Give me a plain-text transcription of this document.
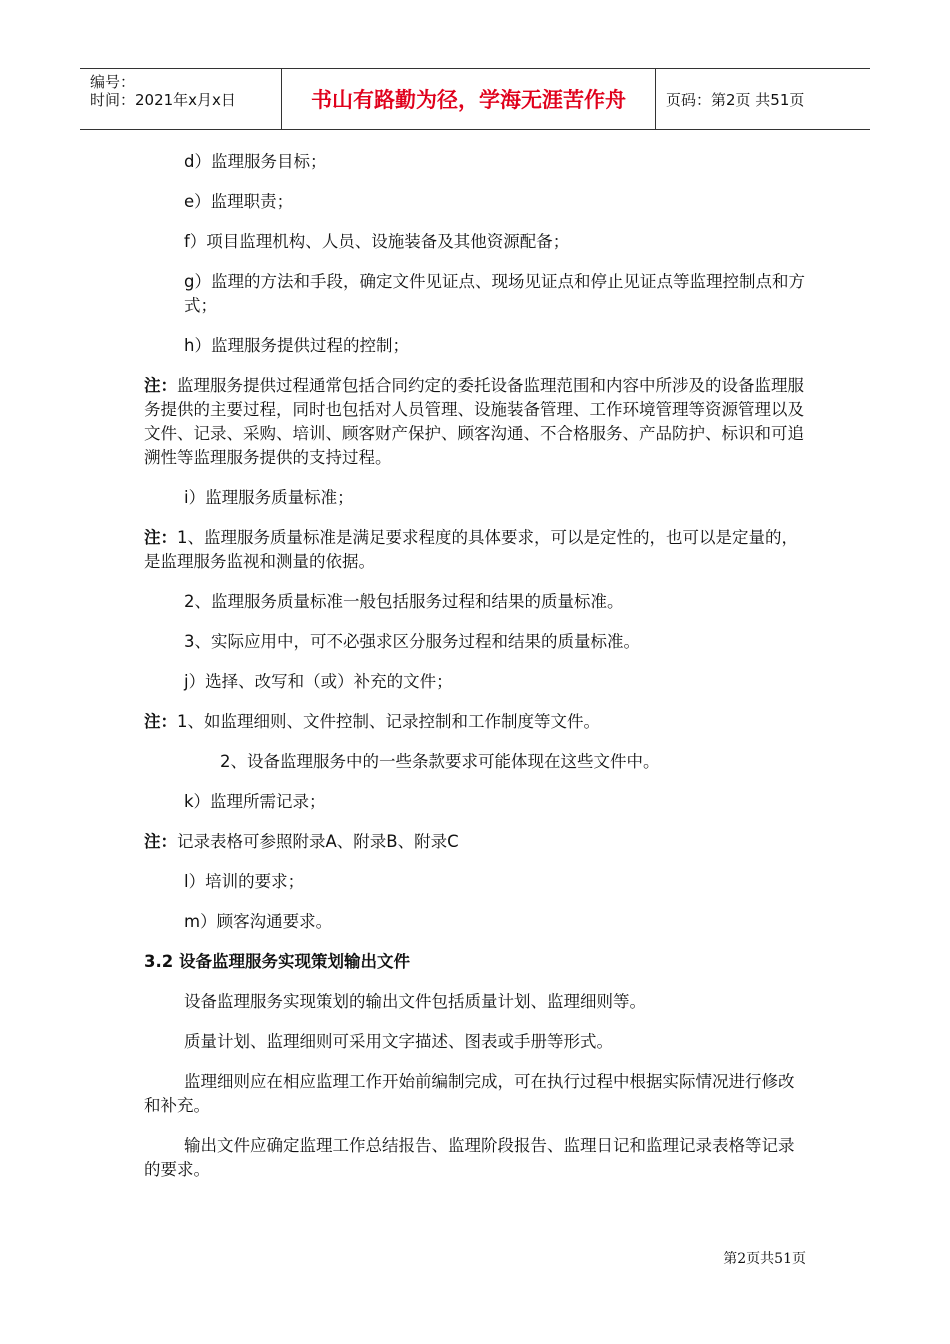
编号：
时间：2021年x月x日	书山有路勤为径，学海无涯苦作舟	页码：第2页 共51页

d）监理服务目标；

e）监理职责；

f）项目监理机构、人员、设施装备及其他资源配备；

g）监理的方法和手段，确定文件见证点、现场见证点和停止见证点等监理控制点和方式；

h）监理服务提供过程的控制；

注：监理服务提供过程通常包括合同约定的委托设备监理范围和内容中所涉及的设备监理服务提供的主要过程，同时也包括对人员管理、设施装备管理、工作环境管理等资源管理以及文件、记录、采购、培训、顾客财产保护、顾客沟通、不合格服务、产品防护、标识和可追溯性等监理服务提供的支持过程。

i）监理服务质量标准；

注：1、监理服务质量标准是满足要求程度的具体要求，可以是定性的，也可以是定量的，是监理服务监视和测量的依据。

2、监理服务质量标准一般包括服务过程和结果的质量标准。

3、实际应用中，可不必强求区分服务过程和结果的质量标准。

j）选择、改写和（或）补充的文件；

注：1、如监理细则、文件控制、记录控制和工作制度等文件。

2、设备监理服务中的一些条款要求可能体现在这些文件中。

k）监理所需记录；

注：记录表格可参照附录A、附录B、附录C

l）培训的要求；

m）顾客沟通要求。

3.2 设备监理服务实现策划输出文件

设备监理服务实现策划的输出文件包括质量计划、监理细则等。

质量计划、监理细则可采用文字描述、图表或手册等形式。

监理细则应在相应监理工作开始前编制完成，可在执行过程中根据实际情况进行修改和补充。

输出文件应确定监理工作总结报告、监理阶段报告、监理日记和监理记录表格等记录的要求。

第2页共51页
